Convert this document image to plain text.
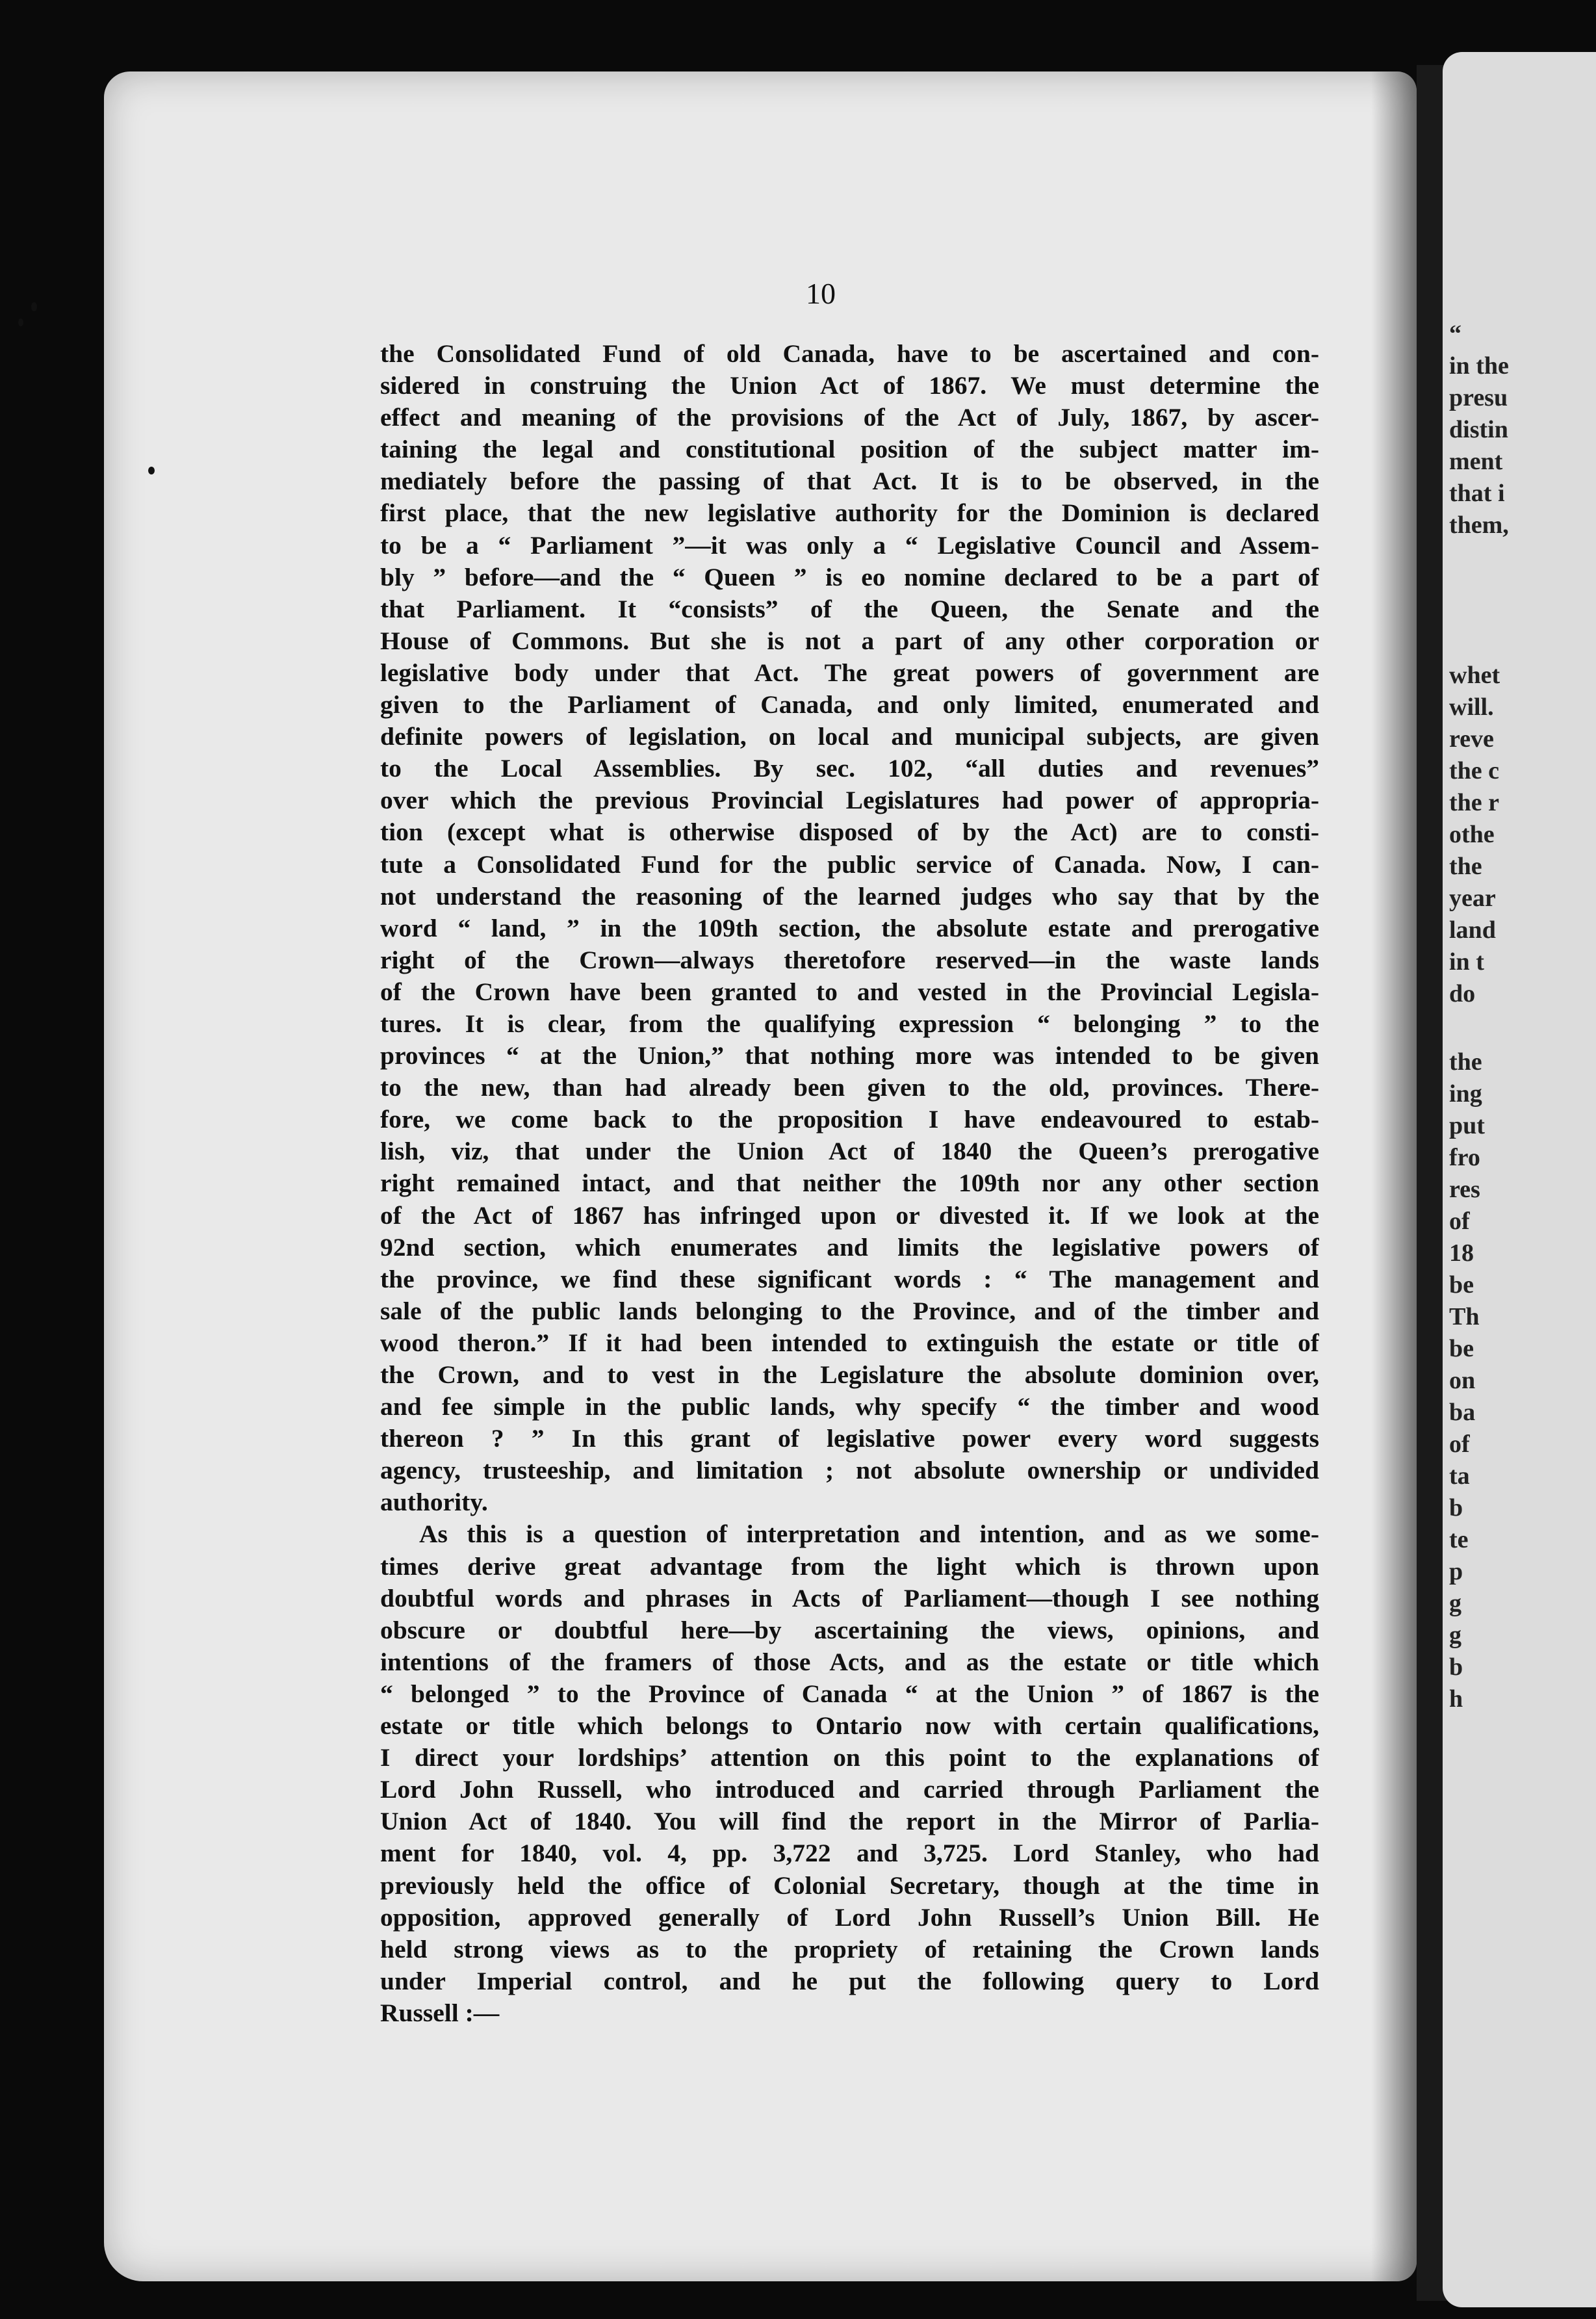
“
in the
presu
distin
ment
that i
them,
whet
will.
reve
the c
the r
othe
the
year
land
in t
do
the
ing
put
fro
res
of
18
be
Th
be
on
ba
of
ta
b
te
p
g
g
b
h
10
the Consolidated Fund of old Canada, have to be ascertained and con-
sidered in construing the Union Act of 1867. We must determine the
effect and meaning of the provisions of the Act of July, 1867, by ascer-
taining the legal and constitutional position of the subject matter im-
mediately before the passing of that Act. It is to be observed, in the
first place, that the new legislative authority for the Dominion is declared
to be a “ Parliament ”—it was only a “ Legislative Council and Assem-
bly ” before—and the “ Queen ” is eo nomine declared to be a part of
that Parliament. It “consists” of the Queen, the Senate and the
House of Commons. But she is not a part of any other corporation or
legislative body under that Act. The great powers of government are
given to the Parliament of Canada, and only limited, enumerated and
definite powers of legislation, on local and municipal subjects, are given
to the Local Assemblies. By sec. 102, “all duties and revenues”
over which the previous Provincial Legislatures had power of appropria-
tion (except what is otherwise disposed of by the Act) are to consti-
tute a Consolidated Fund for the public service of Canada. Now, I can-
not understand the reasoning of the learned judges who say that by the
word “ land, ” in the 109th section, the absolute estate and prerogative
right of the Crown—always theretofore reserved—in the waste lands
of the Crown have been granted to and vested in the Provincial Legisla-
tures. It is clear, from the qualifying expression “ belonging ” to the
provinces “ at the Union,” that nothing more was intended to be given
to the new, than had already been given to the old, provinces. There-
fore, we come back to the proposition I have endeavoured to estab-
lish, viz, that under the Union Act of 1840 the Queen’s prerogative
right remained intact, and that neither the 109th nor any other section
of the Act of 1867 has infringed upon or divested it. If we look at the
92nd section, which enumerates and limits the legislative powers of
the province, we find these significant words : “ The management and
sale of the public lands belonging to the Province, and of the timber and
wood theron.” If it had been intended to extinguish the estate or title of
the Crown, and to vest in the Legislature the absolute dominion over,
and fee simple in the public lands, why specify “ the timber and wood
thereon ? ” In this grant of legislative power every word suggests
agency, trusteeship, and limitation ; not absolute ownership or undivided
authority.
As this is a question of interpretation and intention, and as we some-
times derive great advantage from the light which is thrown upon
doubtful words and phrases in Acts of Parliament—though I see nothing
obscure or doubtful here—by ascertaining the views, opinions, and
intentions of the framers of those Acts, and as the estate or title which
“ belonged ” to the Province of Canada “ at the Union ” of 1867 is the
estate or title which belongs to Ontario now with certain qualifications,
I direct your lordships’ attention on this point to the explanations of
Lord John Russell, who introduced and carried through Parliament the
Union Act of 1840. You will find the report in the Mirror of Parlia-
ment for 1840, vol. 4, pp. 3,722 and 3,725. Lord Stanley, who had
previously held the office of Colonial Secretary, though at the time in
opposition, approved generally of Lord John Russell’s Union Bill. He
held strong views as to the propriety of retaining the Crown lands
under Imperial control, and he put the following query to Lord
Russell :—
